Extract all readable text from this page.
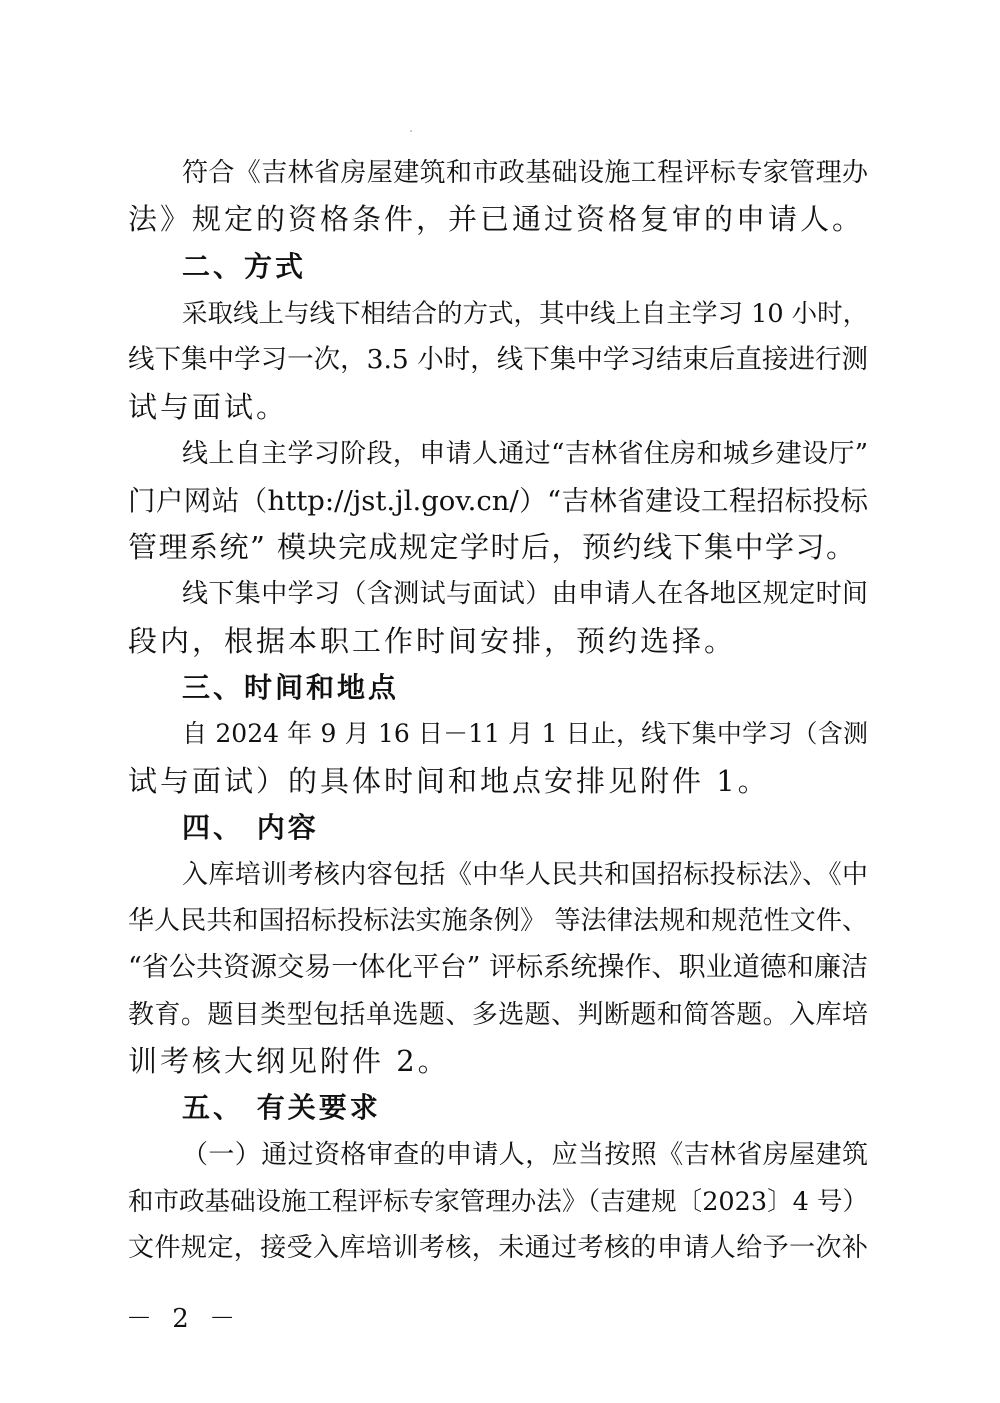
符合《吉林省房屋建筑和市政基础设施工程评标专家管理办
法》规定的资格条件，并已通过资格复审的申请人。
二、方式
采取线上与线下相结合的方式，其中线上自主学习 10 小时，
线下集中学习一次，3.5 小时，线下集中学习结束后直接进行测
试与面试。
线上自主学习阶段，申请人通过“吉林省住房和城乡建设厅”
门户网站（http://jst.jl.gov.cn/）“吉林省建设工程招标投标
管理系统” 模块完成规定学时后，预约线下集中学习。
线下集中学习（含测试与面试）由申请人在各地区规定时间
段内，根据本职工作时间安排，预约选择。
三、时间和地点
自 2024 年 9 月 16 日－11 月 1 日止，线下集中学习（含测
试与面试）的具体时间和地点安排见附件 1。
四、 内容
入库培训考核内容包括《中华人民共和国招标投标法》、《中
华人民共和国招标投标法实施条例》 等法律法规和规范性文件、
“省公共资源交易一体化平台” 评标系统操作、职业道德和廉洁
教育。题目类型包括单选题、多选题、判断题和简答题。入库培
训考核大纲见附件 2。
五、 有关要求
（一）通过资格审查的申请人，应当按照《吉林省房屋建筑
和市政基础设施工程评标专家管理办法》（吉建规〔2023〕4 号）
文件规定，接受入库培训考核，未通过考核的申请人给予一次补
－ 2 －
